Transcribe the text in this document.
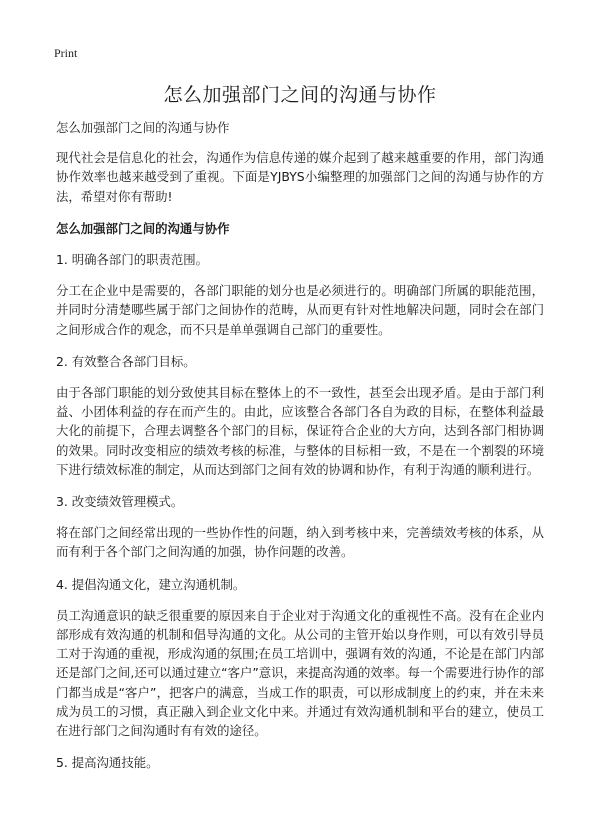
Print

怎么加强部门之间的沟通与协作

怎么加强部门之间的沟通与协作

现代社会是信息化的社会，沟通作为信息传递的媒介起到了越来越重要的作用，部门沟通协作效率也越来越受到了重视。下面是YJBYS小编整理的加强部门之间的沟通与协作的方法，希望对你有帮助!

怎么加强部门之间的沟通与协作

1. 明确各部门的职责范围。

分工在企业中是需要的，各部门职能的划分也是必须进行的。明确部门所属的职能范围，并同时分清楚哪些属于部门之间协作的范畴，从而更有针对性地解决问题，同时会在部门之间形成合作的观念，而不只是单单强调自己部门的重要性。

2. 有效整合各部门目标。

由于各部门职能的划分致使其目标在整体上的不一致性，甚至会出现矛盾。是由于部门利益、小团体利益的存在而产生的。由此，应该整合各部门各自为政的目标，在整体利益最大化的前提下，合理去调整各个部门的目标，保证符合企业的大方向，达到各部门相协调的效果。同时改变相应的绩效考核的标准，与整体的目标相一致，不是在一个割裂的环境下进行绩效标准的制定，从而达到部门之间有效的协调和协作，有利于沟通的顺利进行。

3. 改变绩效管理模式。

将在部门之间经常出现的一些协作性的问题，纳入到考核中来，完善绩效考核的体系，从而有利于各个部门之间沟通的加强，协作问题的改善。

4. 提倡沟通文化，建立沟通机制。

员工沟通意识的缺乏很重要的原因来自于企业对于沟通文化的重视性不高。没有在企业内部形成有效沟通的机制和倡导沟通的文化。从公司的主管开始以身作则，可以有效引导员工对于沟通的重视，形成沟通的氛围;在员工培训中，强调有效的沟通，不论是在部门内部还是部门之间,还可以通过建立“客户”意识，来提高沟通的效率。每一个需要进行协作的部门都当成是“客户”，把客户的满意，当成工作的职责，可以形成制度上的约束，并在未来成为员工的习惯，真正融入到企业文化中来。并通过有效沟通机制和平台的建立，使员工在进行部门之间沟通时有有效的途径。

5. 提高沟通技能。
